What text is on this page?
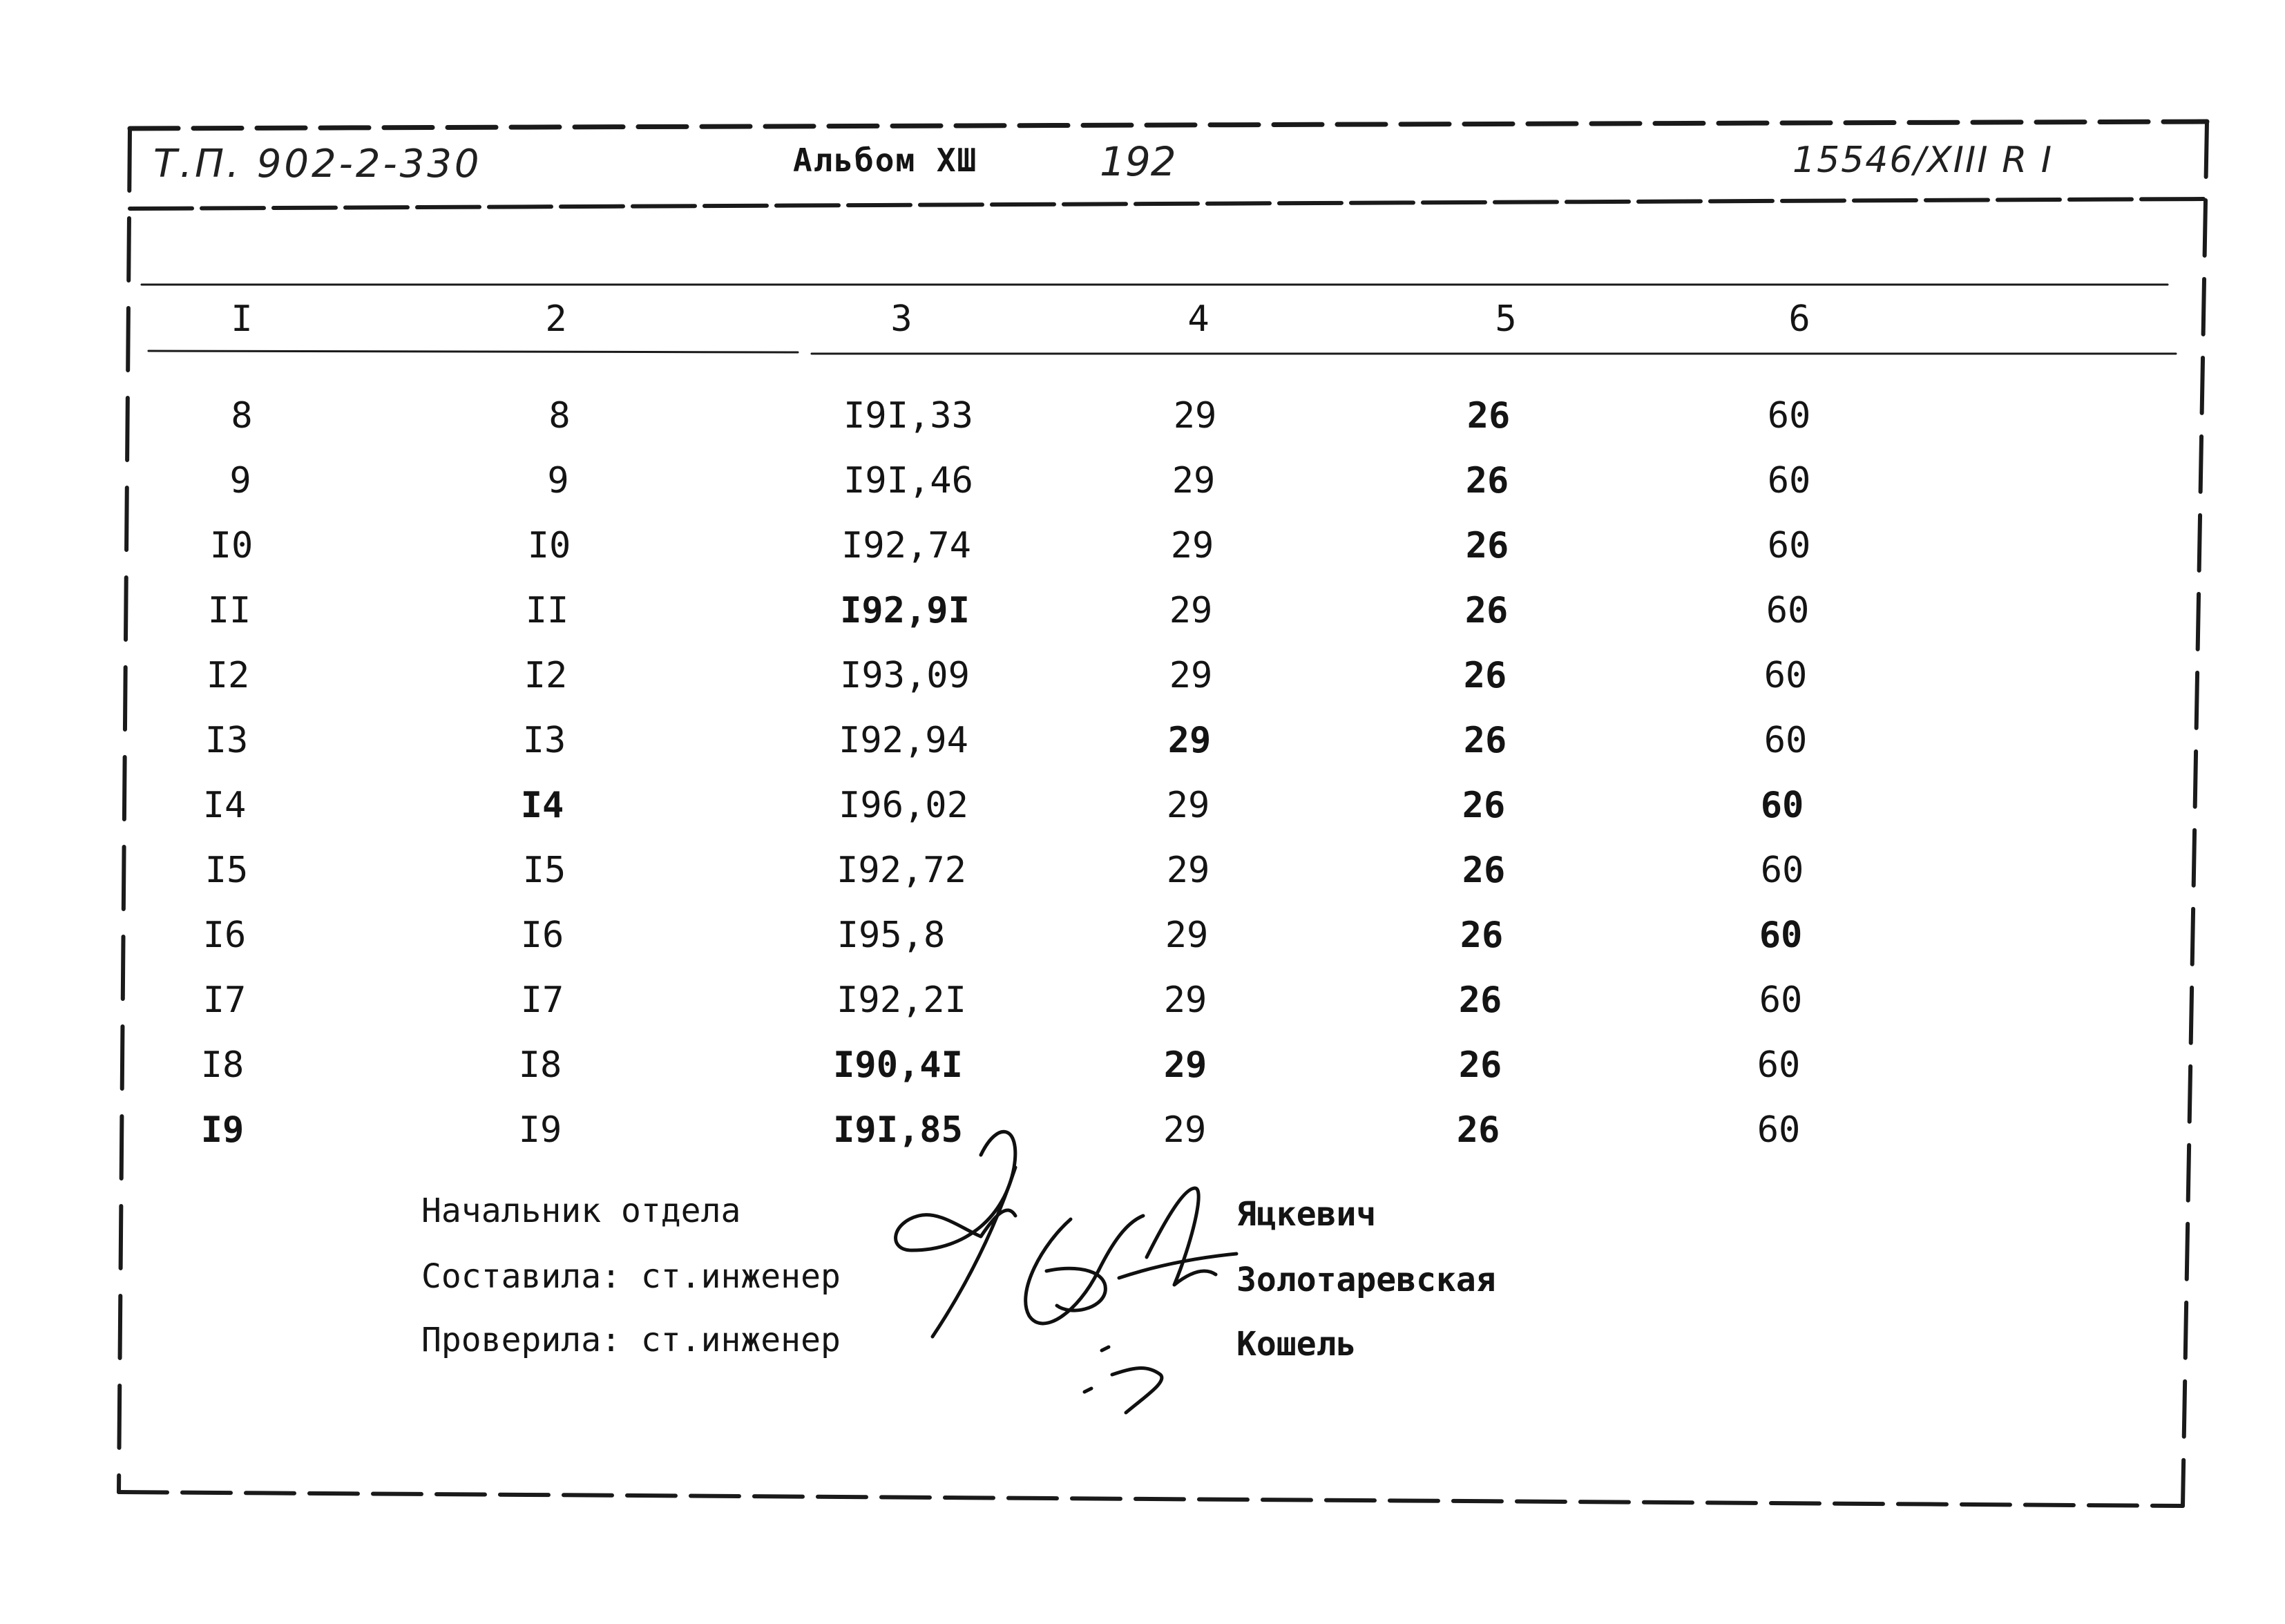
Т.П. 902-2-330	Альбом ХШ	192	15546/XIII R I
I	2	3	4	5	6
8	8	I9I,33	29	26	60
9	9	I9I,46	29	26	60
I0	I0	I92,74	29	26	60
II	II	I92,9I	29	26	60
I2	I2	I93,09	29	26	60
I3	I3	I92,94	29	26	60
I4	I4	I96,02	29	26	60
I5	I5	I92,72	29	26	60
I6	I6	I95,8	29	26	60
I7	I7	I92,2I	29	26	60
I8	I8	I90,4I	29	26	60
I9	I9	I9I,85	29	26	60
Начальник отдела
Составила: ст.инженер
Проверила: ст.инженер
Яцкевич
Золотаревская
Кошель
